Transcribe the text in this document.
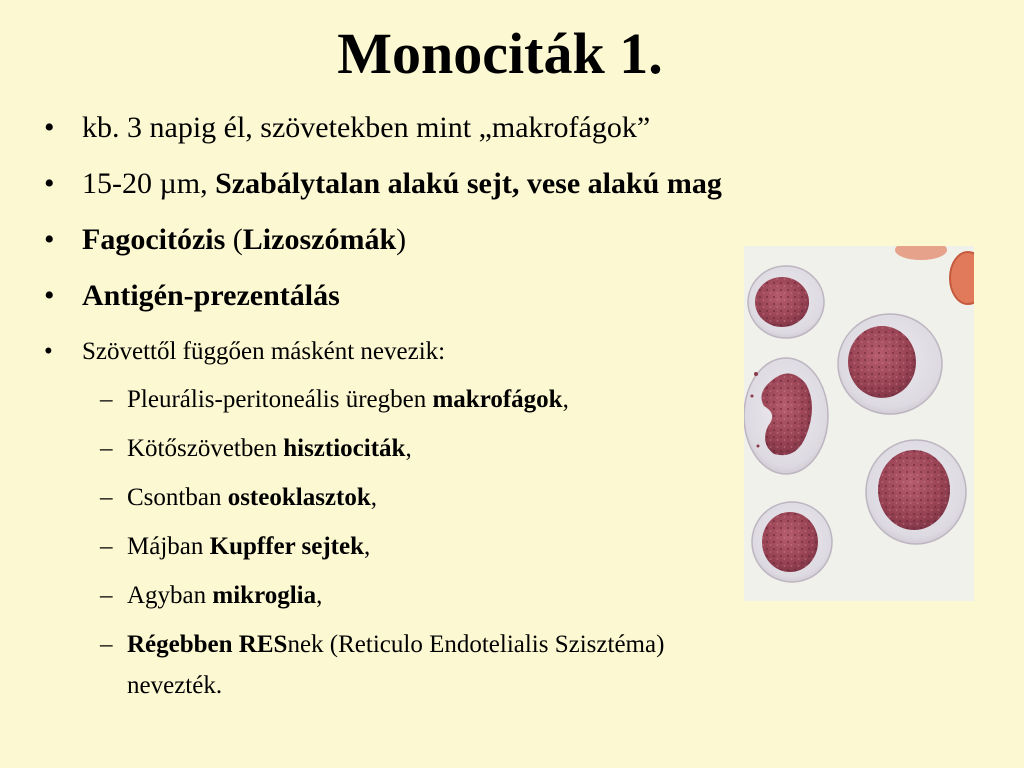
Monociták 1.
• kb. 3 napig él, szövetekben mint „makrofágok”
• 15-20 µm, Szabálytalan alakú sejt, vese alakú mag
• Fagocitózis (Lizoszómák)
• Antigén-prezentálás
• Szövettől függően másként nevezik:
– Pleurális-peritoneális üregben makrofágok,
– Kötőszövetben hisztiociták,
– Csontban osteoklasztok,
– Májban Kupffer sejtek,
– Agyban mikroglia,
– Régebben RESnek (Reticulo Endotelialis Szisztéma)
nevezték.
